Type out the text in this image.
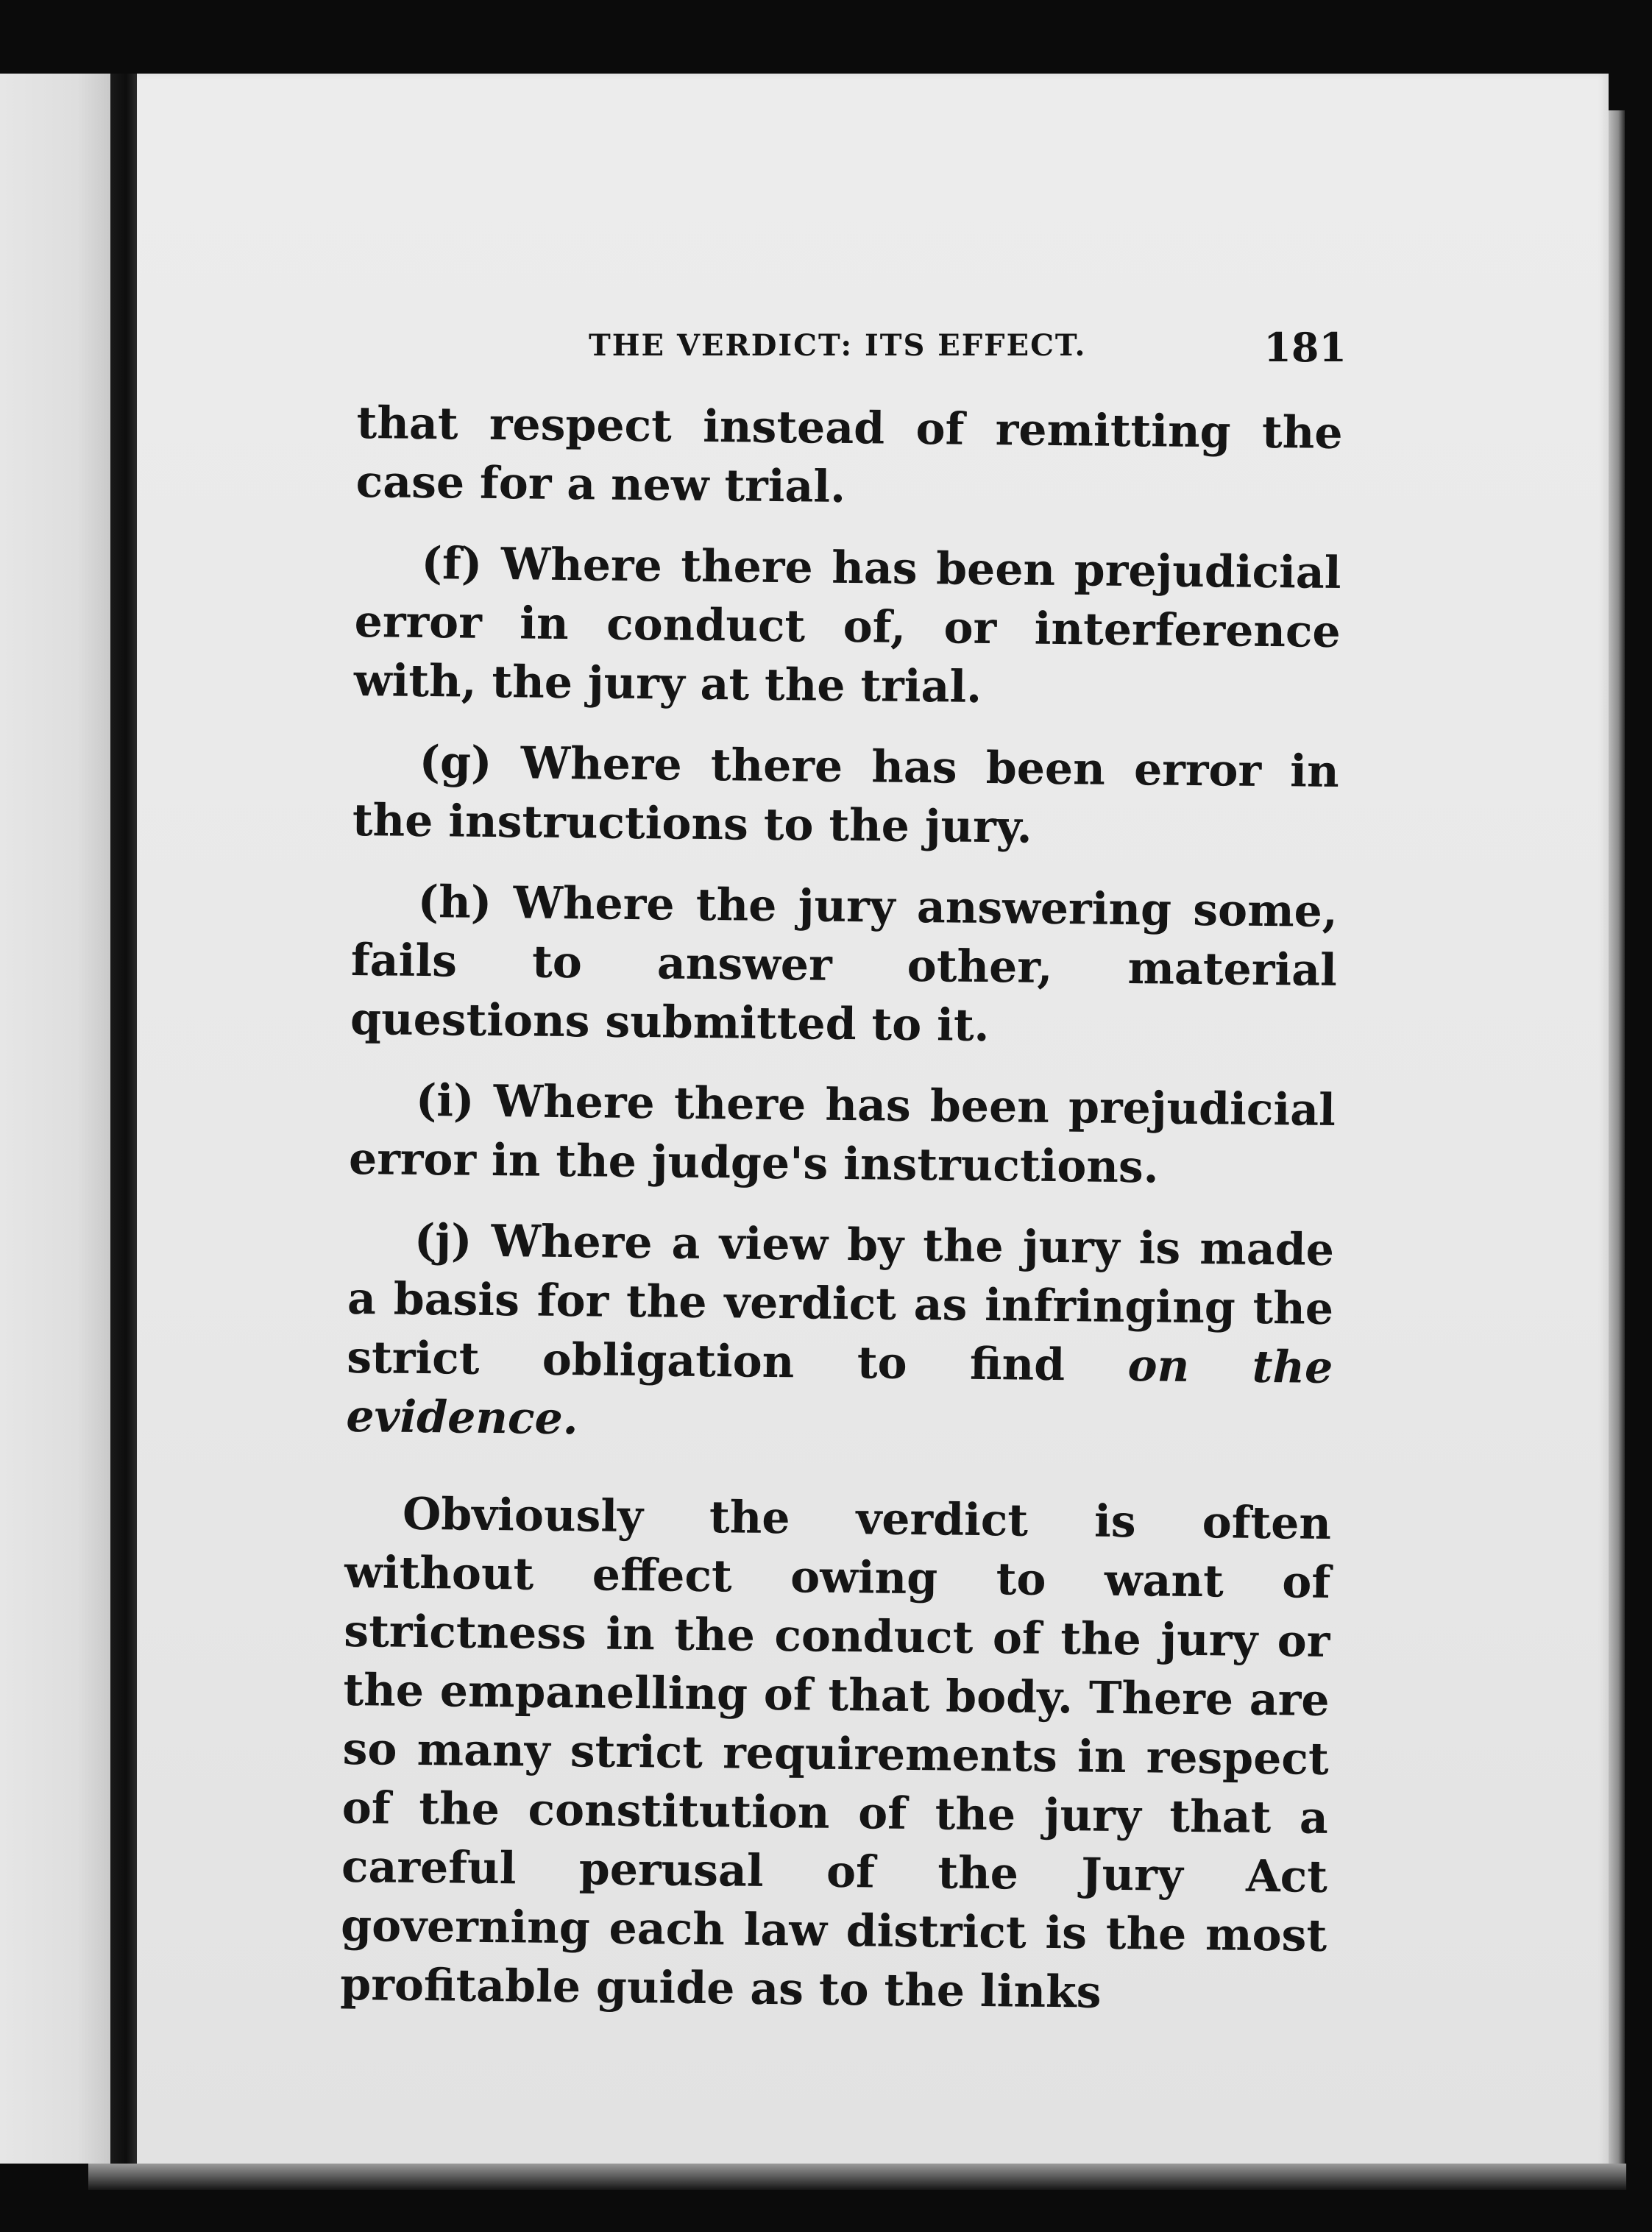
THE VERDICT: ITS EFFECT.	181

that respect instead of remitting the case for a new trial.

(f) Where there has been prejudicial error in conduct of, or interference with, the jury at the trial.

(g) Where there has been error in the instructions to the jury.

(h) Where the jury answering some, fails to answer other, material questions submitted to it.

(i) Where there has been prejudicial error in the judge's instructions.

(j) Where a view by the jury is made a basis for the verdict as infringing the strict obligation to find on the evidence.

Obviously the verdict is often without effect owing to want of strictness in the conduct of the jury or the empanelling of that body. There are so many strict requirements in respect of the constitution of the jury that a careful perusal of the Jury Act governing each law district is the most profitable guide as to the links
